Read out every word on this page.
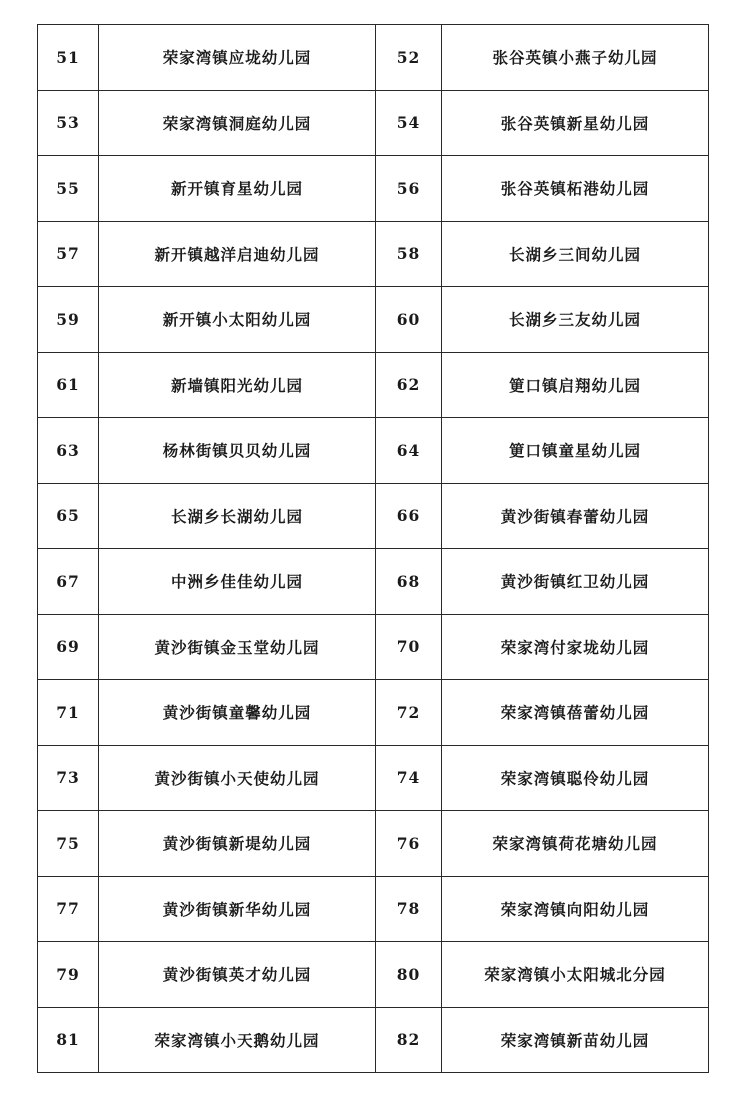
51	荣家湾镇应垅幼儿园	52	张谷英镇小燕子幼儿园
53	荣家湾镇洞庭幼儿园	54	张谷英镇新星幼儿园
55	新开镇育星幼儿园	56	张谷英镇柘港幼儿园
57	新开镇越洋启迪幼儿园	58	长湖乡三间幼儿园
59	新开镇小太阳幼儿园	60	长湖乡三友幼儿园
61	新墙镇阳光幼儿园	62	筻口镇启翔幼儿园
63	杨林街镇贝贝幼儿园	64	筻口镇童星幼儿园
65	长湖乡长湖幼儿园	66	黄沙街镇春蕾幼儿园
67	中洲乡佳佳幼儿园	68	黄沙街镇红卫幼儿园
69	黄沙街镇金玉堂幼儿园	70	荣家湾付家垅幼儿园
71	黄沙街镇童馨幼儿园	72	荣家湾镇蓓蕾幼儿园
73	黄沙街镇小天使幼儿园	74	荣家湾镇聪伶幼儿园
75	黄沙街镇新堤幼儿园	76	荣家湾镇荷花塘幼儿园
77	黄沙街镇新华幼儿园	78	荣家湾镇向阳幼儿园
79	黄沙街镇英才幼儿园	80	荣家湾镇小太阳城北分园
81	荣家湾镇小天鹅幼儿园	82	荣家湾镇新苗幼儿园
